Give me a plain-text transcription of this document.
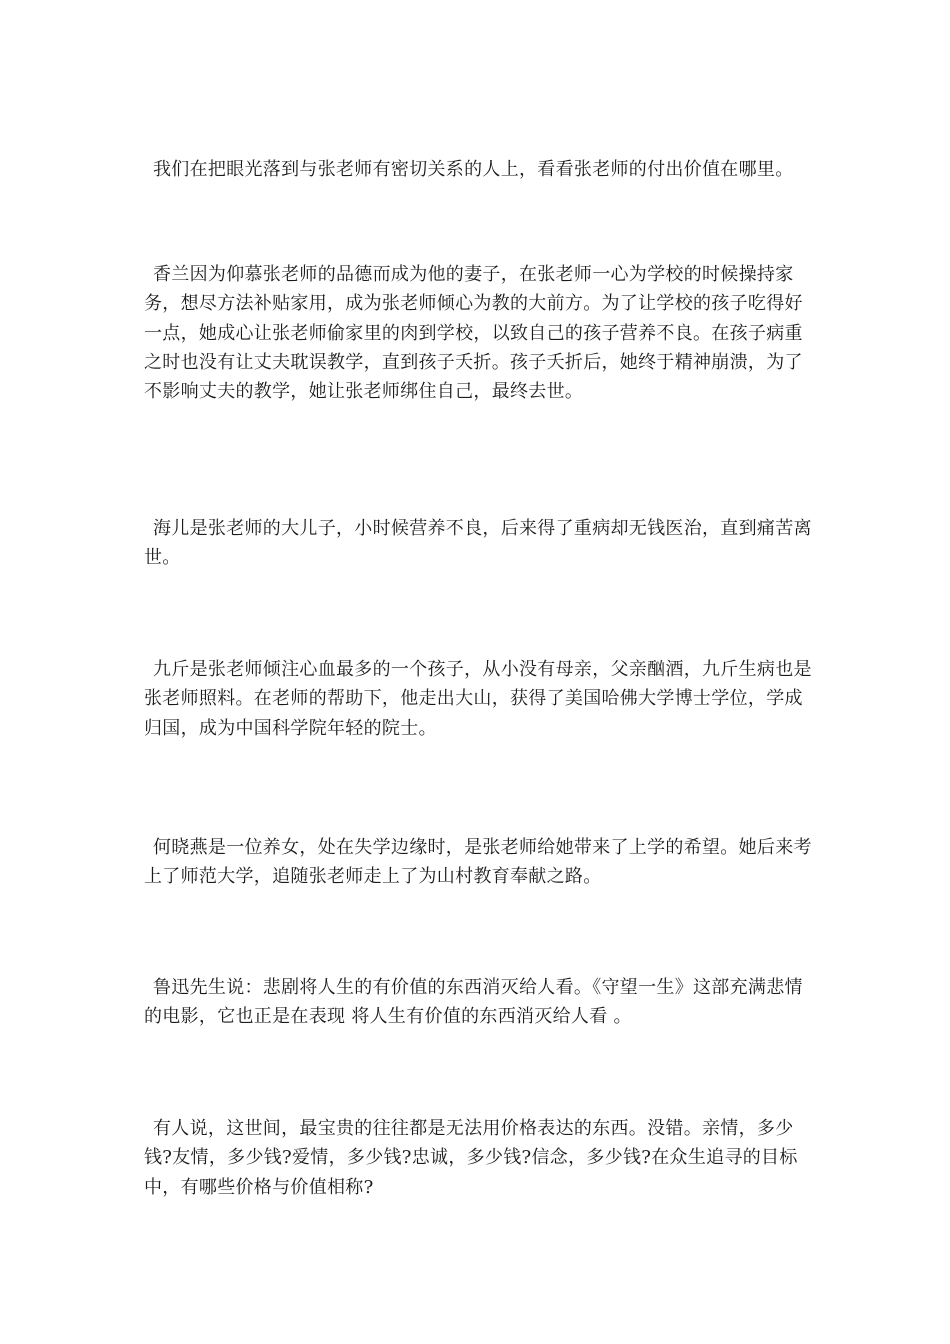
我们在把眼光落到与张老师有密切关系的人上，看看张老师的付出价值在哪里。

香兰因为仰慕张老师的品德而成为他的妻子，在张老师一心为学校的时候操持家务，想尽方法补贴家用，成为张老师倾心为教的大前方。为了让学校的孩子吃得好一点，她成心让张老师偷家里的肉到学校，以致自己的孩子营养不良。在孩子病重之时也没有让丈夫耽误教学，直到孩子夭折。孩子夭折后，她终于精神崩溃，为了不影响丈夫的教学，她让张老师绑住自己，最终去世。

海儿是张老师的大儿子，小时候营养不良，后来得了重病却无钱医治，直到痛苦离世。

九斤是张老师倾注心血最多的一个孩子，从小没有母亲，父亲酗酒，九斤生病也是张老师照料。在老师的帮助下，他走出大山，获得了美国哈佛大学博士学位，学成归国，成为中国科学院年轻的院士。

何晓燕是一位养女，处在失学边缘时，是张老师给她带来了上学的希望。她后来考上了师范大学，追随张老师走上了为山村教育奉献之路。

鲁迅先生说：悲剧将人生的有价值的东西消灭给人看。《守望一生》这部充满悲情的电影，它也正是在表现 将人生有价值的东西消灭给人看 。

有人说，这世间，最宝贵的往往都是无法用价格表达的东西。没错。亲情，多少钱?友情，多少钱?爱情，多少钱?忠诚，多少钱?信念，多少钱?在众生追寻的目标中，有哪些价格与价值相称?
